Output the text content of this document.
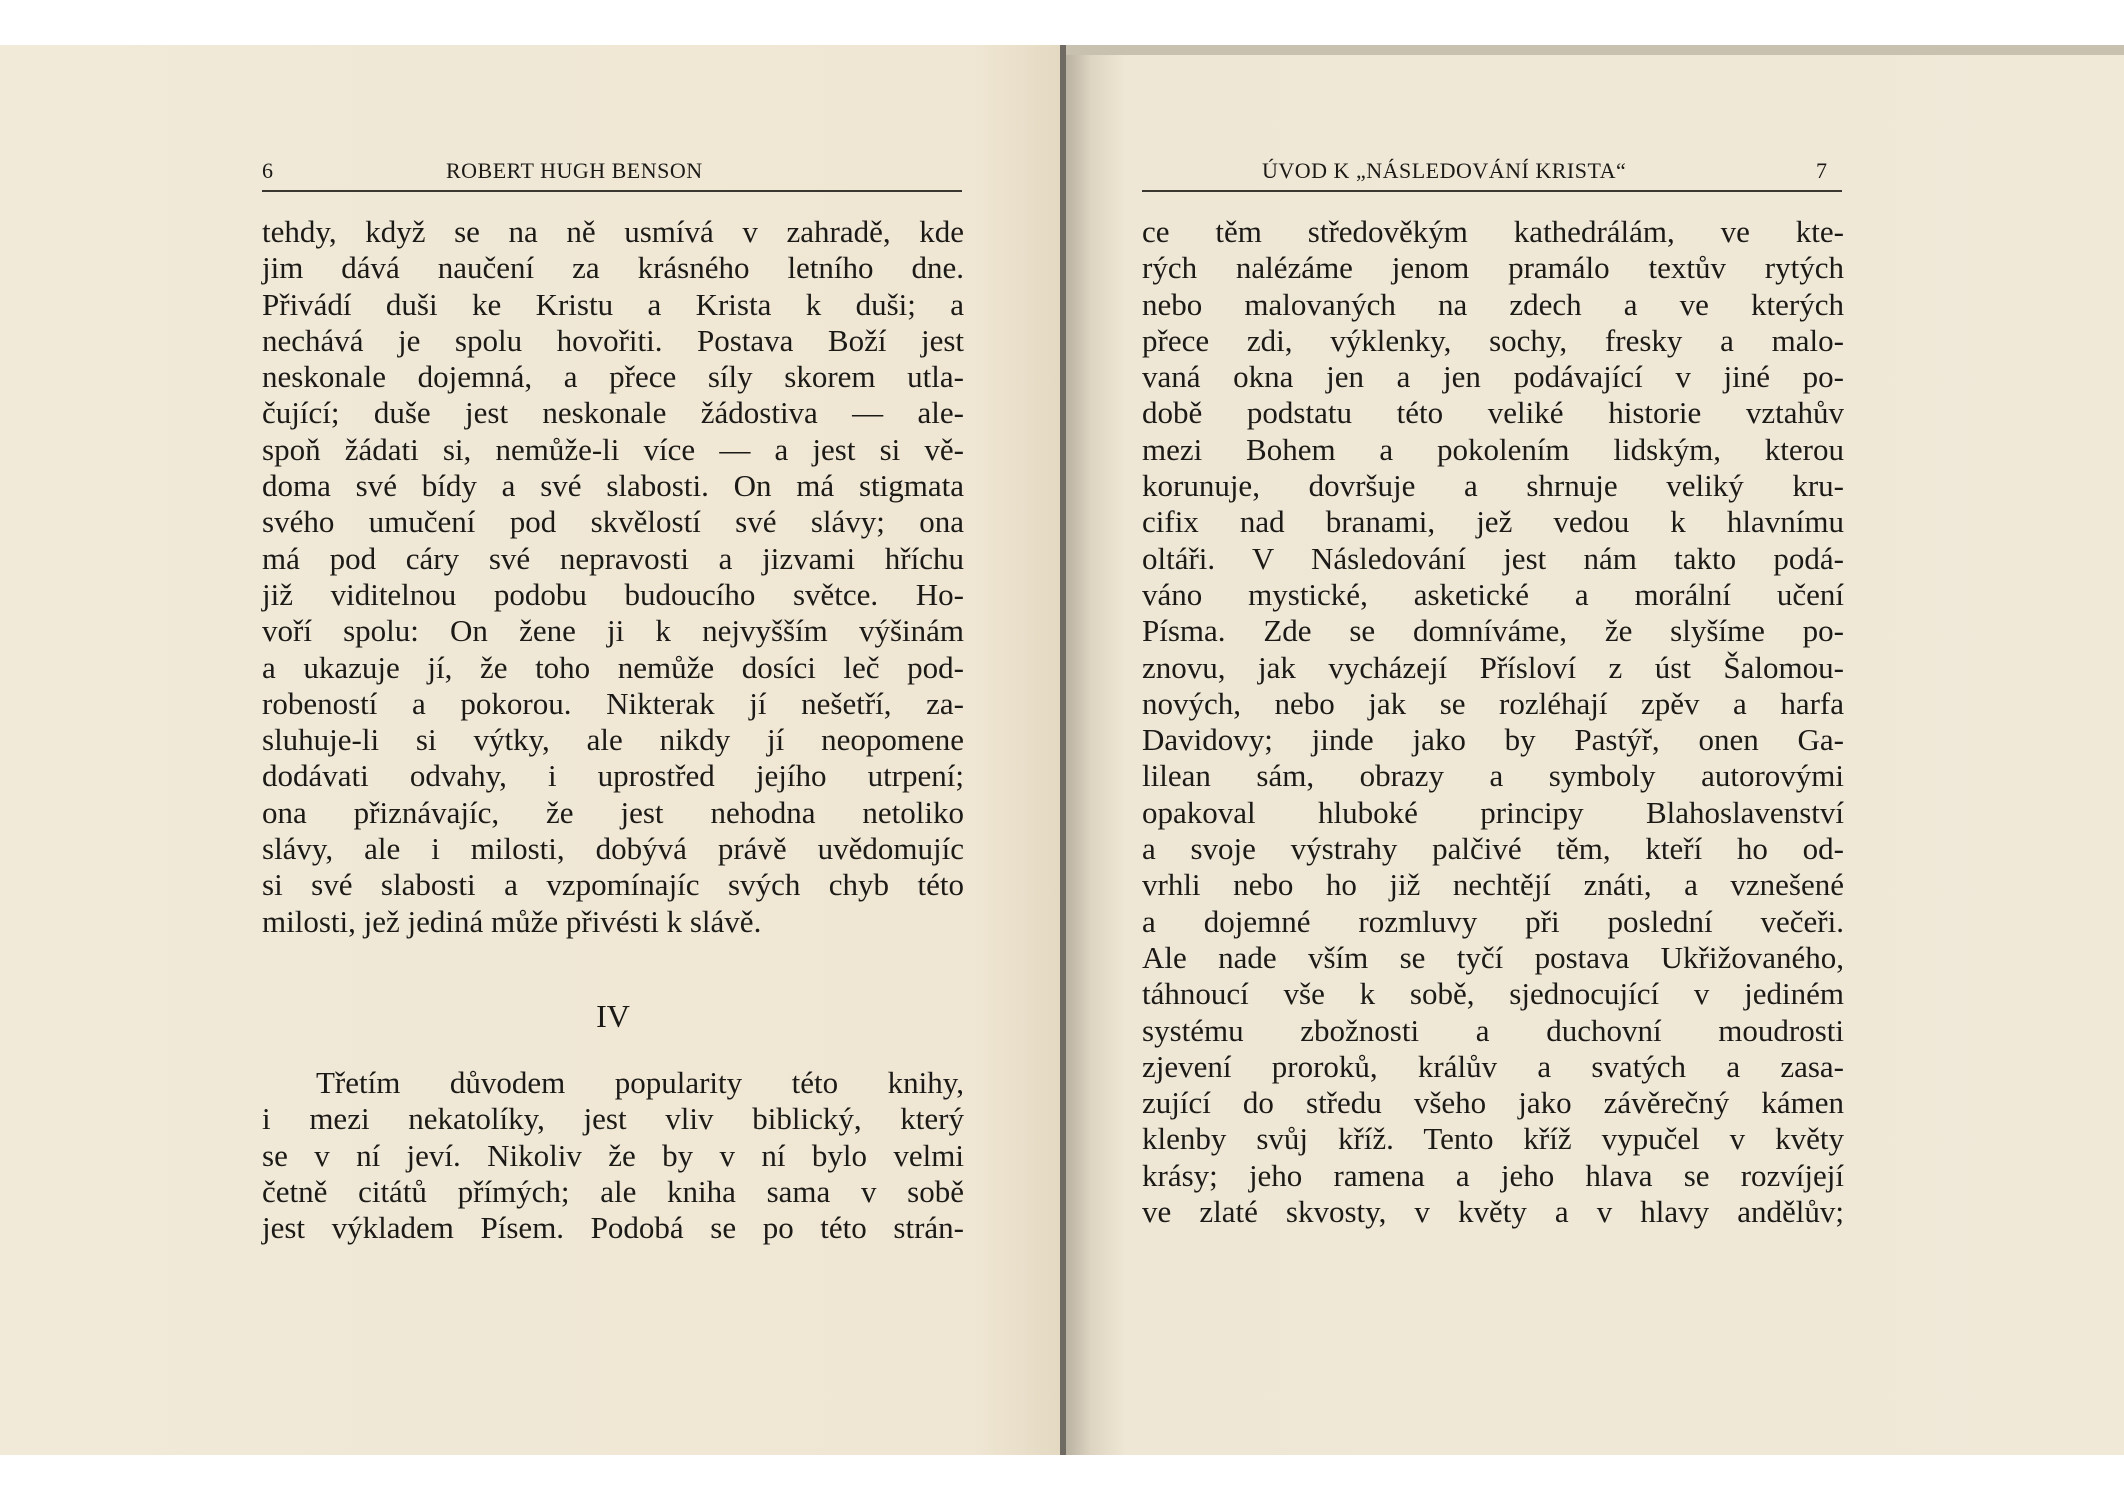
6	ROBERT HUGH BENSON
tehdy, když se na ně usmívá v zahradě, kde
jim dává naučení za krásného letního dne.
Přivádí duši ke Kristu a Krista k duši; a
nechává je spolu hovořiti. Postava Boží jest
neskonale dojemná, a přece síly skorem utla-
čující; duše jest neskonale žádostiva — ale-
spoň žádati si, nemůže-li více — a jest si vě-
doma své bídy a své slabosti. On má stigmata
svého umučení pod skvělostí své slávy; ona
má pod cáry své nepravosti a jizvami hříchu
již viditelnou podobu budoucího světce. Ho-
voří spolu: On žene ji k nejvyšším výšinám
a ukazuje jí, že toho nemůže dosíci leč pod-
robeností a pokorou. Nikterak jí nešetří, za-
sluhuje-li si výtky, ale nikdy jí neopomene
dodávati odvahy, i uprostřed jejího utrpení;
ona přiznávajíc, že jest nehodna netoliko
slávy, ale i milosti, dobývá právě uvědomujíc
si své slabosti a vzpomínajíc svých chyb této
milosti, jež jediná může přivésti k slávě.
IV
Třetím důvodem popularity této knihy,
i mezi nekatolíky, jest vliv biblický, který
se v ní jeví. Nikoliv že by v ní bylo velmi
četně citátů přímých; ale kniha sama v sobě
jest výkladem Písem. Podobá se po této strán-
ÚVOD K „NÁSLEDOVÁNÍ KRISTA“	7
ce těm středověkým kathedrálám, ve kte-
rých nalézáme jenom pramálo textův rytých
nebo malovaných na zdech a ve kterých
přece zdi, výklenky, sochy, fresky a malo-
vaná okna jen a jen podávající v jiné po-
době podstatu této veliké historie vztahův
mezi Bohem a pokolením lidským, kterou
korunuje, dovršuje a shrnuje veliký kru-
cifix nad branami, jež vedou k hlavnímu
oltáři. V Následování jest nám takto podá-
váno mystické, asketické a morální učení
Písma. Zde se domníváme, že slyšíme po-
znovu, jak vycházejí Přísloví z úst Šalomou-
nových, nebo jak se rozléhají zpěv a harfa
Davidovy; jinde jako by Pastýř, onen Ga-
lilean sám, obrazy a symboly autorovými
opakoval hluboké principy Blahoslavenství
a svoje výstrahy palčivé těm, kteří ho od-
vrhli nebo ho již nechtějí znáti, a vznešené
a dojemné rozmluvy při poslední večeři.
Ale nade vším se tyčí postava Ukřižovaného,
táhnoucí vše k sobě, sjednocující v jediném
systému zbožnosti a duchovní moudrosti
zjevení proroků, králův a svatých a zasa-
zující do středu všeho jako závěrečný kámen
klenby svůj kříž. Tento kříž vypučel v květy
krásy; jeho ramena a jeho hlava se rozvíjejí
ve zlaté skvosty, v květy a v hlavy andělův;
